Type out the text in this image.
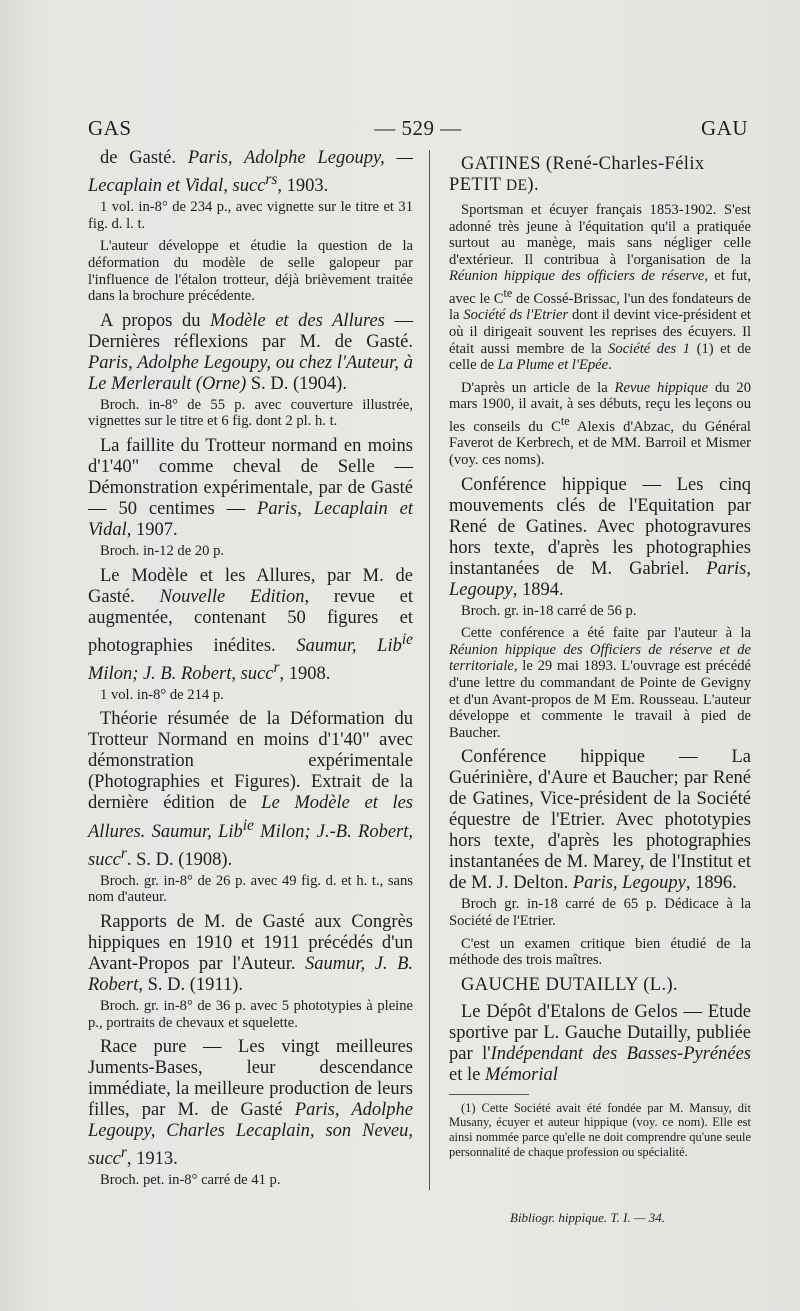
GAS	— 529 —	GAU

de Gasté. Paris, Adolphe Legoupy, — Lecaplain et Vidal, succ$^{rs}$, 1903.

1 vol. in-8° de 234 p., avec vignette sur le titre et 31 fig. d. l. t.

L'auteur développe et étudie la question de la déformation du modèle de selle galopeur par l'influence de l'étalon trotteur, déjà brièvement traitée dans la brochure précédente.

A propos du Modèle et des Allures — Dernières réflexions par M. de Gasté. Paris, Adolphe Legoupy, ou chez l'Auteur, à Le Merlerault (Orne) S. D. (1904).

Broch. in-8° de 55 p. avec couverture illustrée, vignettes sur le titre et 6 fig. dont 2 pl. h. t.

La faillite du Trotteur normand en moins d'1'40" comme cheval de Selle — Démonstration expérimentale, par de Gasté — 50 centimes — Paris, Lecaplain et Vidal, 1907.

Broch. in-12 de 20 p.

Le Modèle et les Allures, par M. de Gasté. Nouvelle Edition, revue et augmentée, contenant 50 figures et photographies inédites. Saumur, Lib$^{ie}$ Milon; J. B. Robert, succ$^r$, 1908.

1 vol. in-8° de 214 p.

Théorie résumée de la Déformation du Trotteur Normand en moins d'1'40" avec démonstration expérimentale (Photographies et Figures). Extrait de la dernière édition de Le Modèle et les Allures. Saumur, Lib$^{ie}$ Milon; J.-B. Robert, succ$^r$. S. D. (1908).

Broch. gr. in-8° de 26 p. avec 49 fig. d. et h. t., sans nom d'auteur.

Rapports de M. de Gasté aux Congrès hippiques en 1910 et 1911 précédés d'un Avant-Propos par l'Auteur. Saumur, J. B. Robert, S. D. (1911).

Broch. gr. in-8° de 36 p. avec 5 phototypies à pleine p., portraits de chevaux et squelette.

Race pure — Les vingt meilleures Juments-Bases, leur descendance immédiate, la meilleure production de leurs filles, par M. de Gasté Paris, Adolphe Legoupy, Charles Lecaplain, son Neveu, succ$^r$, 1913.

Broch. pet. in-8° carré de 41 p.

GATINES (René-Charles-Félix PETIT DE).

Sportsman et écuyer français 1853-1902. S'est adonné très jeune à l'équitation qu'il a pratiquée surtout au manège, mais sans négliger celle d'extérieur. Il contribua à l'organisation de la Réunion hippique des officiers de réserve, et fut, avec le $C^{te}$ de Cossé-Brissac, l'un des fondateurs de la Société ds l'Etrier dont il devint vice-président et où il dirigeait souvent les reprises des écuyers. Il était aussi membre de la Société des 1 (1) et de celle de La Plume et l'Epée.

D'après un article de la Revue hippique du 20 mars 1900, il avait, à ses débuts, reçu les leçons ou les conseils du $C^{te}$ Alexis d'Abzac, du Général Faverot de Kerbrech, et de MM. Barroil et Mismer (voy. ces noms).

Conférence hippique — Les cinq mouvements clés de l'Equitation par René de Gatines. Avec photogravures hors texte, d'après les photographies instantanées de M. Gabriel. Paris, Legoupy, 1894.

Broch. gr. in-18 carré de 56 p.

Cette conférence a été faite par l'auteur à la Réunion hippique des Officiers de réserve et de territoriale, le 29 mai 1893. L'ouvrage est précédé d'une lettre du commandant de Pointe de Gevigny et d'un Avant-propos de M Em. Rousseau. L'auteur développe et commente le travail à pied de Baucher.

Conférence hippique — La Guérinière, d'Aure et Baucher; par René de Gatines, Vice-président de la Société équestre de l'Etrier. Avec phototypies hors texte, d'après les photographies instantanées de M. Marey, de l'Institut et de M. J. Delton. Paris, Legoupy, 1896.

Broch gr. in-18 carré de 65 p. Dédicace à la Société de l'Etrier.

C'est un examen critique bien étudié de la méthode des trois maîtres.

GAUCHE DUTAILLY (L.).

Le Dépôt d'Etalons de Gelos — Etude sportive par L. Gauche Dutailly, publiée par l'Indépendant des Basses-Pyrénées et le Mémorial

(1) Cette Société avait été fondée par M. Mansuy, dit Musany, écuyer et auteur hippique (voy. ce nom). Elle est ainsi nommée parce qu'elle ne doit comprendre qu'une seule personnalité de chaque profession ou spécialité.
Bibliogr. hippique. T. I. — 34.
